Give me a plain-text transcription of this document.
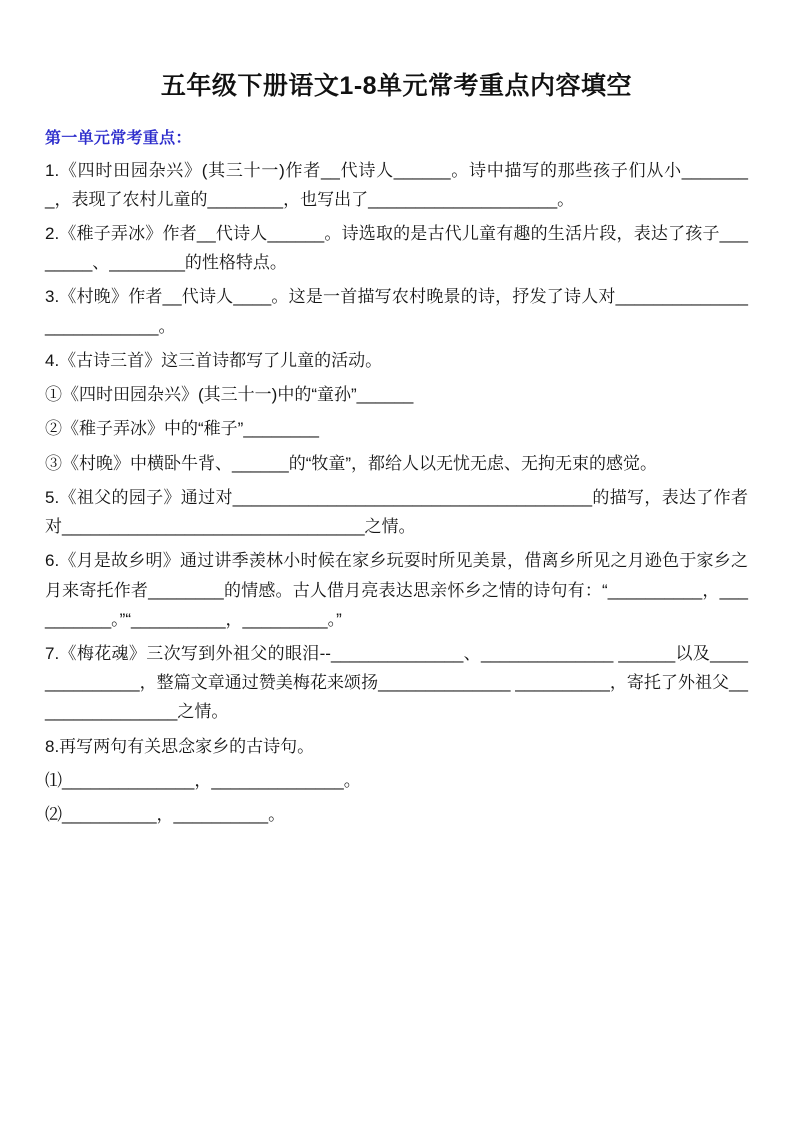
五年级下册语文1-8单元常考重点内容填空
第一单元常考重点：

1.《四时田园杂兴》(其三十一)作者__代诗人______。诗中描写的那些孩子们从小________，表现了农村儿童的________，也写出了____________________。

2.《稚子弄冰》作者__代诗人______。诗选取的是古代儿童有趣的生活片段，表达了孩子________、________的性格特点。

3.《村晚》作者__代诗人____。这是一首描写农村晚景的诗，抒发了诗人对__________________________。

4.《古诗三首》这三首诗都写了儿童的活动。

①《四时田园杂兴》(其三十一)中的“童孙”______

②《稚子弄冰》中的“稚子”________

③《村晚》中横卧牛背、______的“牧童”，都给人以无忧无虑、无拘无束的感觉。

5.《祖父的园子》通过对______________________________________的描写，表达了作者对________________________________之情。

6.《月是故乡明》通过讲季羡林小时候在家乡玩耍时所见美景，借离乡所见之月逊色于家乡之月来寄托作者________的情感。古人借月亮表达思亲怀乡之情的诗句有：“__________，__________。”“__________，_________。”

7.《梅花魂》三次写到外祖父的眼泪--______________、______________ ______以及______________，整篇文章通过赞美梅花来颂扬______________ __________，寄托了外祖父________________之情。

8.再写两句有关思念家乡的古诗句。

⑴______________，______________。

⑵__________，__________。
